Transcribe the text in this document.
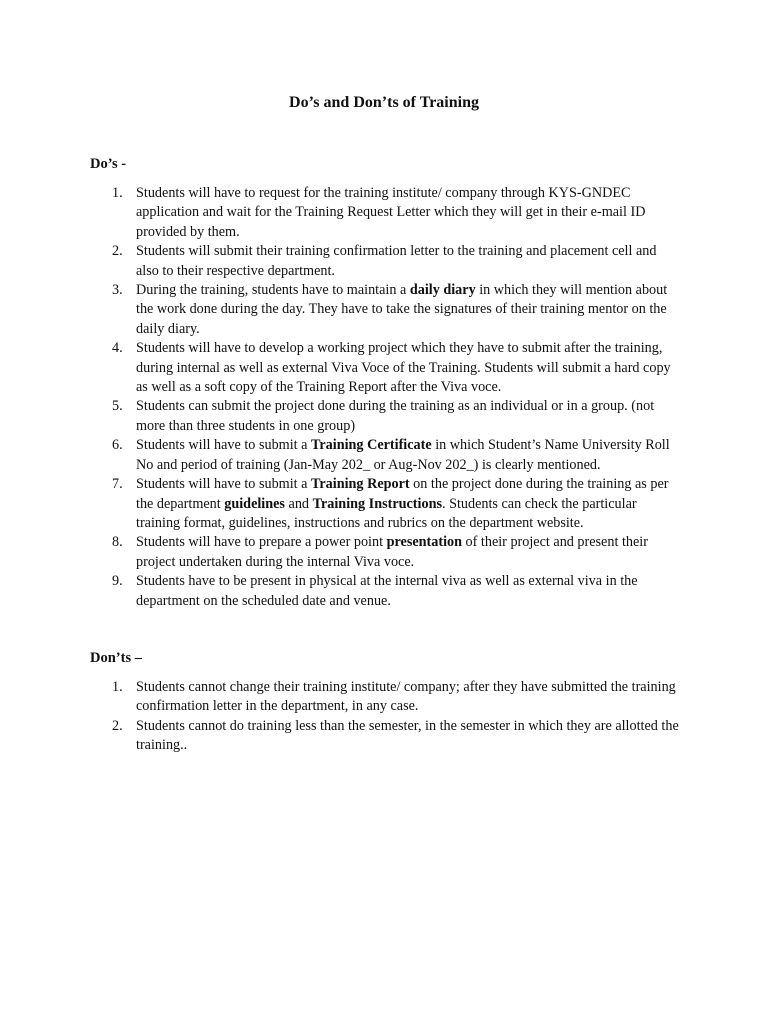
Do’s and Don’ts of Training
Do’s -
1. Students will have to request for the training institute/ company through KYS-GNDEC application and wait for the Training Request Letter which they will get in their e-mail ID provided by them.
2. Students will submit their training confirmation letter to the training and placement cell and also to their respective department.
3. During the training, students have to maintain a daily diary in which they will mention about the work done during the day. They have to take the signatures of their training mentor on the daily diary.
4. Students will have to develop a working project which they have to submit after the training, during internal as well as external Viva Voce of the Training. Students will submit a hard copy as well as a soft copy of the Training Report after the Viva voce.
5. Students can submit the project done during the training as an individual or in a group. (not more than three students in one group)
6. Students will have to submit a Training Certificate in which Student’s Name University Roll No and period of training (Jan-May 202_ or Aug-Nov 202_) is clearly mentioned.
7. Students will have to submit a Training Report on the project done during the training as per the department guidelines and Training Instructions. Students can check the particular training format, guidelines, instructions and rubrics on the department website.
8. Students will have to prepare a power point presentation of their project and present their project undertaken during the internal Viva voce.
9. Students have to be present in physical at the internal viva as well as external viva in the department on the scheduled date and venue.
Don’ts –
1. Students cannot change their training institute/ company; after they have submitted the training confirmation letter in the department, in any case.
2. Students cannot do training less than the semester, in the semester in which they are allotted the training..
